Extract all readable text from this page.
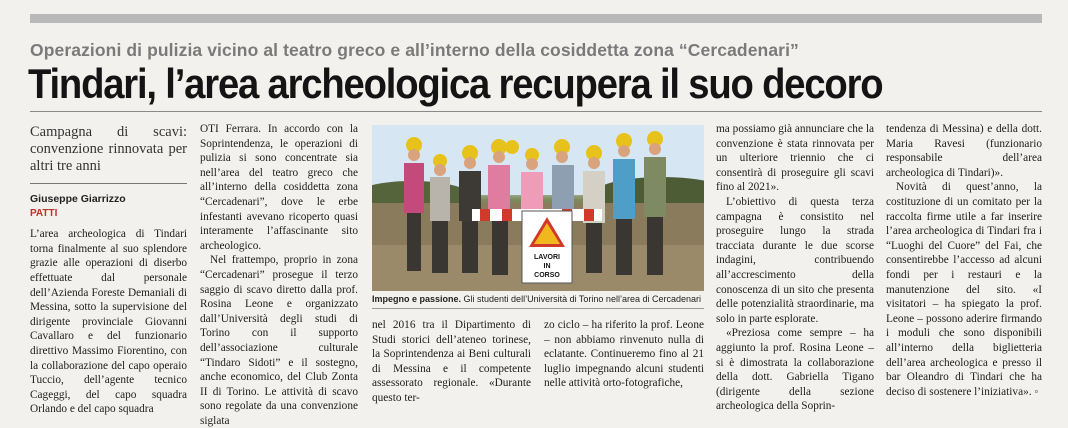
Operazioni di pulizia vicino al teatro greco e all’interno della cosiddetta zona “Cercadenari”
Tindari, l’area archeologica recupera il suo decoro

Campagna di scavi: convenzione rinnovata per altri tre anni

Giuseppe Giarrizzo
PATTI

L’area archeologica di Tindari torna finalmente al suo splendore grazie alle operazioni di diserbo effettuate dal personale dell’Azienda Foreste Demaniali di Messina, sotto la supervisione del dirigente provinciale Giovanni Cavallaro e del funzionario direttivo Massimo Fiorentino, con la collaborazione del capo operaio Tuccio, dell’agente tecnico Cageggi, del capo squadra Orlando e del capo squadra

OTI Ferrara. In accordo con la Soprintendenza, le operazioni di pulizia si sono concentrate sia nell’area del teatro greco che all’interno della cosiddetta zona “Cercadenari”, dove le erbe infestanti avevano ricoperto quasi interamente l’affascinante sito archeologico.

Nel frattempo, proprio in zona “Cercadenari” prosegue il terzo saggio di scavo diretto dalla prof. Rosina Leone e organizzato dall’Università degli studi di Torino con il supporto dell’associazione culturale “Tindaro Sidoti” e il sostegno, anche economico, del Club Zonta II di Torino. Le attività di scavo sono regolate da una convenzione siglata

LAVORI
IN
CORSO
Impegno e passione. Gli studenti dell’Università di Torino nell’area di Cercadenari

nel 2016 tra il Dipartimento di Studi storici dell’ateneo torinese, la Soprintendenza ai Beni culturali di Messina e il competente assessorato regionale. «Durante questo ter-

zo ciclo – ha riferito la prof. Leone – non abbiamo rinvenuto nulla di eclatante. Continueremo fino al 21 luglio impegnando alcuni studenti nelle attività orto-fotografiche,

ma possiamo già annunciare che la convenzione è stata rinnovata per un ulteriore triennio che ci consentirà di proseguire gli scavi fino al 2021».

L’obiettivo di questa terza campagna è consistito nel proseguire lungo la strada tracciata durante le due scorse indagini, contribuendo all’accrescimento della conoscenza di un sito che presenta delle potenzialità straordinarie, ma solo in parte esplorate.

«Preziosa come sempre – ha aggiunto la prof. Rosina Leone – si è dimostrata la collaborazione della dott. Gabriella Tigano (dirigente della sezione archeologica della Soprin-

tendenza di Messina) e della dott. Maria Ravesi (funzionario responsabile dell’area archeologica di Tindari)».

Novità di quest’anno, la costituzione di un comitato per la raccolta firme utile a far inserire l’area archeologica di Tindari fra i “Luoghi del Cuore” del Fai, che consentirebbe l’accesso ad alcuni fondi per i restauri e la manutenzione del sito. «I visitatori – ha spiegato la prof. Leone – possono aderire firmando i moduli che sono disponibili all’interno della biglietteria dell’area archeologica e presso il bar Oleandro di Tindari che ha deciso di sostenere l’iniziativa». ◦
